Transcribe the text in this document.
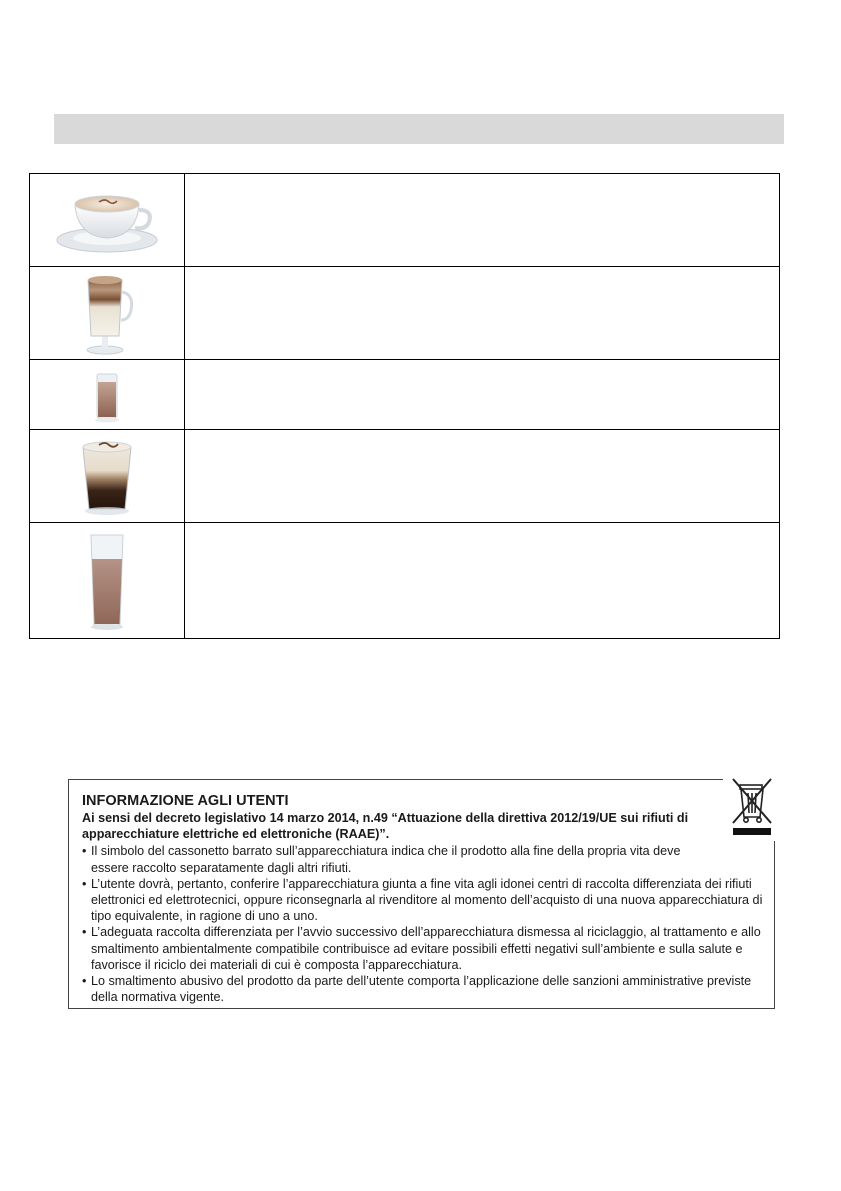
INFORMAZIONE AGLI UTENTI

Ai sensi del decreto legislativo 14 marzo 2014, n.49 “Attuazione della direttiva 2012/19/UE sui rifiuti di apparecchiature elettriche ed elettroniche (RAAE)”.

• Il simbolo del cassonetto barrato sull’apparecchiatura indica che il prodotto alla fine della propria vita deve essere raccolto separatamente dagli altri rifiuti.
• L’utente dovrà, pertanto, conferire l’apparecchiatura giunta a fine vita agli idonei centri di raccolta differenziata dei rifiuti elettronici ed elettrotecnici, oppure riconsegnarla al rivenditore al momento dell’acquisto di una nuova apparecchiatura di tipo equivalente, in ragione di uno a uno.
• L’adeguata raccolta differenziata per l’avvio successivo dell’apparecchiatura dismessa al riciclaggio, al trattamento e allo smaltimento ambientalmente compatibile contribuisce ad evitare possibili effetti negativi sull’ambiente e sulla salute e favorisce il riciclo dei materiali di cui è composta l’apparecchiatura.
• Lo smaltimento abusivo del prodotto da parte dell’utente comporta l’applicazione delle sanzioni amministrative previste della normativa vigente.
